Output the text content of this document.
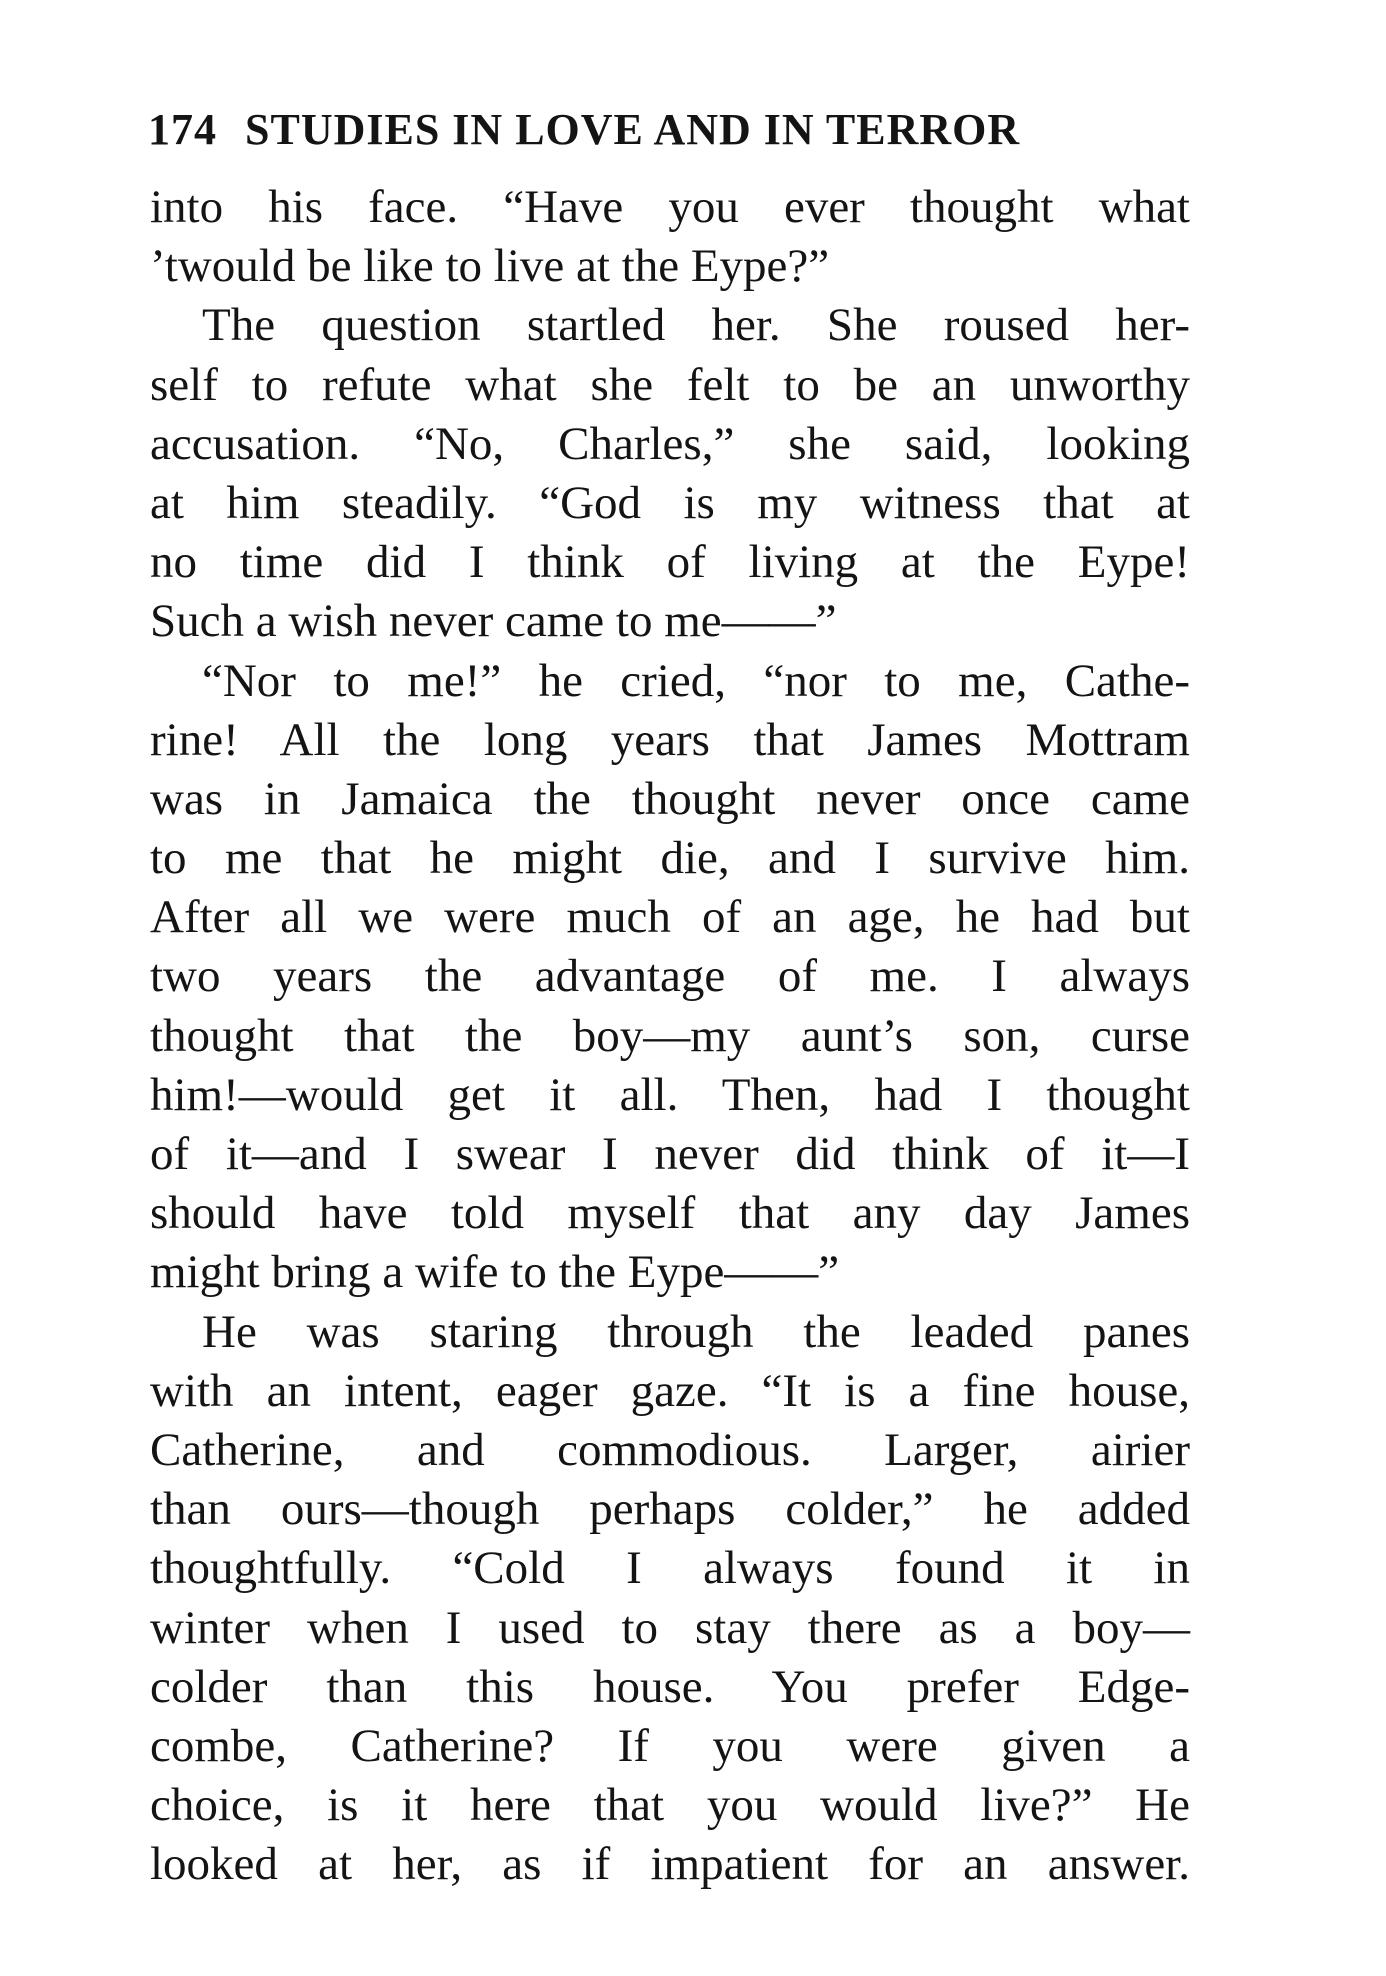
174 STUDIES IN LOVE AND IN TERROR
into his face. “Have you ever thought what
’twould be like to live at the Eype?”
The question startled her. She roused her-
self to refute what she felt to be an unworthy
accusation. “No, Charles,” she said, looking
at him steadily. “God is my witness that at
no time did I think of living at the Eype!
Such a wish never came to me——”
“Nor to me!” he cried, “nor to me, Cathe-
rine! All the long years that James Mottram
was in Jamaica the thought never once came
to me that he might die, and I survive him.
After all we were much of an age, he had but
two years the advantage of me. I always
thought that the boy—my aunt’s son, curse
him!—would get it all. Then, had I thought
of it—and I swear I never did think of it—I
should have told myself that any day James
might bring a wife to the Eype——”
He was staring through the leaded panes
with an intent, eager gaze. “It is a fine house,
Catherine, and commodious. Larger, airier
than ours—though perhaps colder,” he added
thoughtfully. “Cold I always found it in
winter when I used to stay there as a boy—
colder than this house. You prefer Edge-
combe, Catherine? If you were given a
choice, is it here that you would live?” He
looked at her, as if impatient for an answer.
